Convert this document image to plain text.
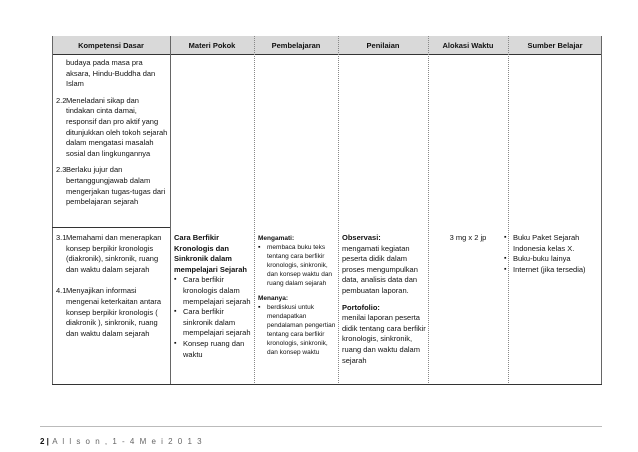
Kompetensi Dasar	Materi Pokok	Pembelajaran	Penilaian	Alokasi Waktu	Sumber Belajar
budaya pada masa pra aksara, Hindu-Buddha dan Islam
2.2 Meneladani sikap dan tindakan cinta damai, responsif dan pro aktif yang ditunjukkan oleh tokoh sejarah dalam mengatasi masalah sosial dan lingkungannya
2.3 Berlaku jujur dan bertanggungjawab dalam mengerjakan tugas-tugas dari pembelajaran sejarah
3.1 Memahami dan menerapkan konsep berpikir kronologis (diakronik), sinkronik, ruang dan waktu dalam sejarah
4.1 Menyajikan informasi mengenai keterkaitan antara konsep berpikir kronologis ( diakronik ), sinkronik, ruang dan waktu dalam sejarah
Cara Berfikir Kronologis dan Sinkronik dalam mempelajari Sejarah
▪ Cara berfikir kronologis dalam mempelajari sejarah
▪ Cara berfikir sinkronik dalam mempelajari sejarah
▪ Konsep ruang dan waktu
Mengamati:
▪ membaca buku teks tentang cara berfikir kronologis, sinkronik, dan konsep waktu dan ruang dalam sejarah
Menanya:
▪ berdiskusi untuk mendapatkan pendalaman pengertian tentang cara berfikir kronologis, sinkronik, dan konsep waktu
Observasi:
mengamati kegiatan peserta didik dalam proses mengumpulkan data, analisis data dan pembuatan laporan.
Portofolio:
menilai laporan peserta didik tentang cara berfikir kronologis, sinkronik, ruang dan waktu dalam sejarah
3 mg x 2 jp
▪	Buku Paket Sejarah Indonesia kelas X.
▪ Buku-buku lainya
▪ Internet (jika tersedia)
2 | A l l s o n , 1 - 4 M e i 2 0 1 3
